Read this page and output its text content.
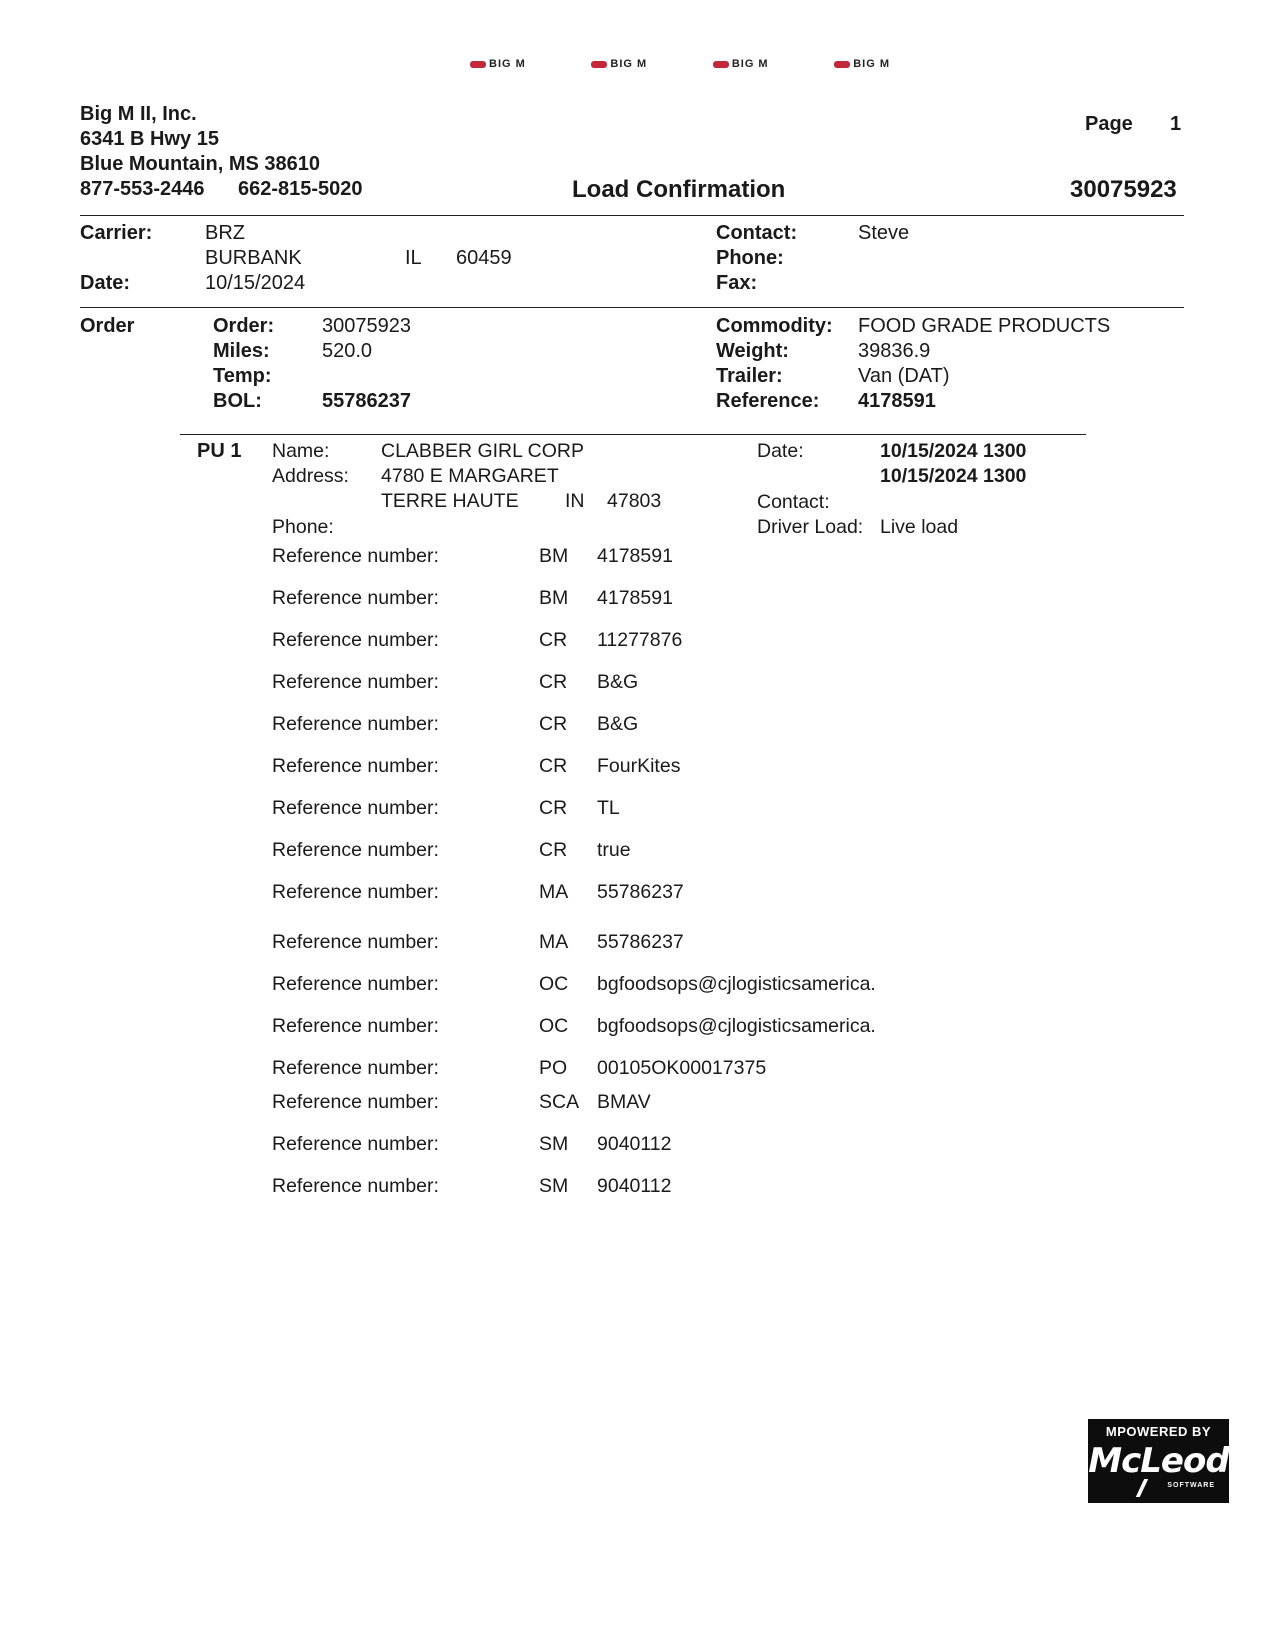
BIG M	BIG M	BIG M	BIG M
Big M II, Inc.
6341 B Hwy 15
Blue Mountain, MS 38610
877-553-2446 662-815-5020	Load Confirmation
Page 1
30075923
Carrier:	BRZ
BURBANK	IL 60459
Date:	10/15/2024
Contact:	Steve
Phone:
Fax:
Order	Order: 30075923
Miles:	520.0
Temp:
BOL:	55786237
Commodity: FOOD GRADE PRODUCTS
Weight:	39836.9
Trailer:	Van (DAT)
Reference: 4178591
PU 1 Name:	CLABBER GIRL CORP
Address: 4780 E MARGARET
TERRE HAUTE IN 47803
Phone:
Date:	10/15/2024 1300
10/15/2024 1300
Contact:
Driver Load: Live load
Reference number:	BM 4178591
Reference number:	BM 4178591
Reference number:	CR 11277876
Reference number:	CR B&G
Reference number:	CR B&G
Reference number:	CR FourKites
Reference number:	CR TL
Reference number:	CR true
Reference number:	MA 55786237
Reference number:	MA 55786237
Reference number:	OC bgfoodsops@cjlogisticsamerica.
Reference number:	OC bgfoodsops@cjlogisticsamerica.
Reference number:	PO 00105OK00017375
Reference number:	SCA BMAV
Reference number:	SM 9040112
Reference number:	SM 9040112
MPOWERED BY
McLeod
SOFTWARE
